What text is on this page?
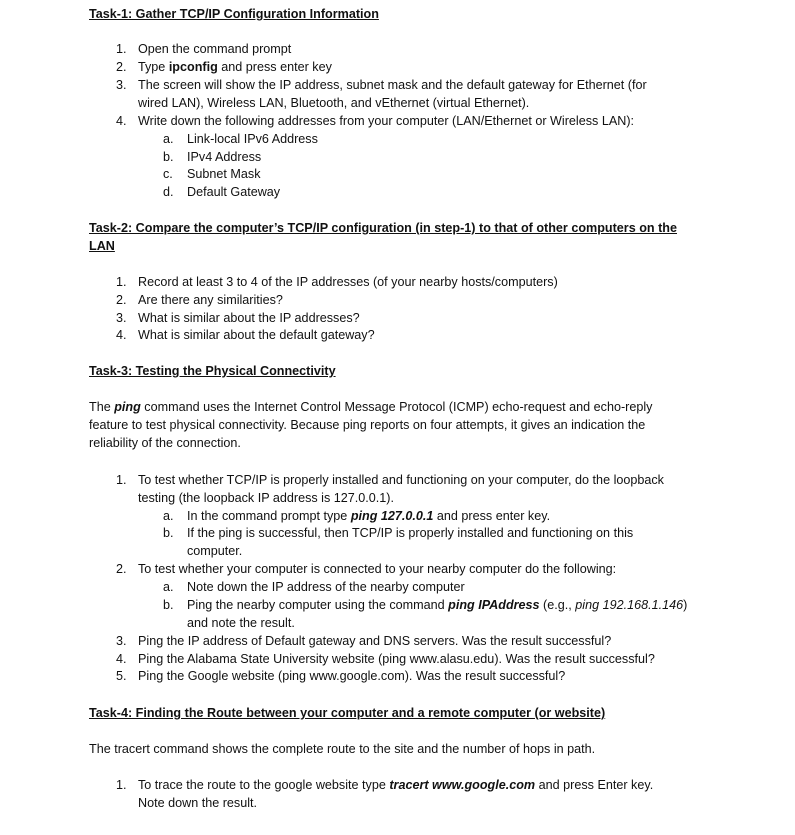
Task-1: Gather TCP/IP Configuration Information
1. Open the command prompt
2. Type ipconfig and press enter key
3. The screen will show the IP address, subnet mask and the default gateway for Ethernet (for
wired LAN), Wireless LAN, Bluetooth, and vEthernet (virtual Ethernet).
4. Write down the following addresses from your computer (LAN/Ethernet or Wireless LAN):
a.	Link-local IPv6 Address
b.	IPv4 Address
c.	Subnet Mask
d.	Default Gateway
Task-2: Compare the computer’s TCP/IP configuration (in step-1) to that of other computers on the
LAN
1. Record at least 3 to 4 of the IP addresses (of your nearby hosts/computers)
2. Are there any similarities?
3. What is similar about the IP addresses?
4. What is similar about the default gateway?
Task-3: Testing the Physical Connectivity
The ping command uses the Internet Control Message Protocol (ICMP) echo-request and echo-reply
feature to test physical connectivity. Because ping reports on four attempts, it gives an indication the
reliability of the connection.
1. To test whether TCP/IP is properly installed and functioning on your computer, do the loopback
testing (the loopback IP address is 127.0.0.1).
a.	In the command prompt type ping 127.0.0.1 and press enter key.
b.	If the ping is successful, then TCP/IP is properly installed and functioning on this
computer.
2. To test whether your computer is connected to your nearby computer do the following:
a.	Note down the IP address of the nearby computer
b.	Ping the nearby computer using the command ping IPAddress (e.g., ping 192.168.1.146)
and note the result.
3. Ping the IP address of Default gateway and DNS servers. Was the result successful?
4. Ping the Alabama State University website (ping www.alasu.edu). Was the result successful?
5. Ping the Google website (ping www.google.com). Was the result successful?
Task-4: Finding the Route between your computer and a remote computer (or website)
The tracert command shows the complete route to the site and the number of hops in path.
1. To trace the route to the google website type tracert www.google.com and press Enter key.
Note down the result.
